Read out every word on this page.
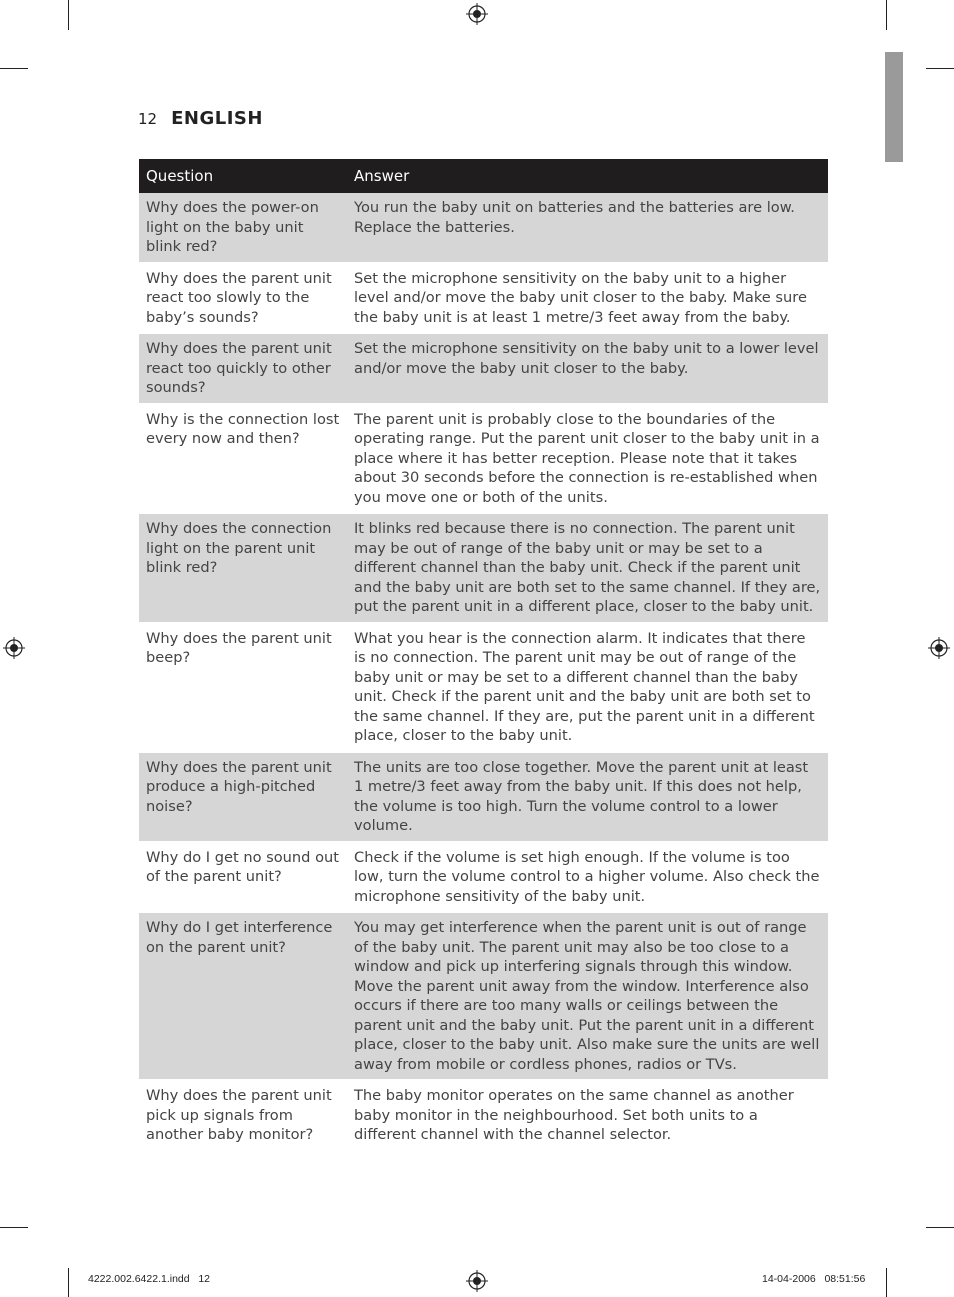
12 ENGLISH
Question	Answer
Why does the power-on light on the baby unit blink red?	You run the baby unit on batteries and the batteries are low. Replace the batteries.
Why does the parent unit react too slowly to the baby’s sounds?	Set the microphone sensitivity on the baby unit to a higher level and/or move the baby unit closer to the baby. Make sure the baby unit is at least 1 metre/3 feet away from the baby.
Why does the parent unit react too quickly to other sounds?	Set the microphone sensitivity on the baby unit to a lower level and/or move the baby unit closer to the baby.
Why is the connection lost every now and then?	The parent unit is probably close to the boundaries of the operating range. Put the parent unit closer to the baby unit in a place where it has better reception. Please note that it takes about 30 seconds before the connection is re-established when you move one or both of the units.
Why does the connection light on the parent unit blink red?	It blinks red because there is no connection. The parent unit may be out of range of the baby unit or may be set to a different channel than the baby unit. Check if the parent unit and the baby unit are both set to the same channel. If they are, put the parent unit in a different place, closer to the baby unit.
Why does the parent unit beep?	What you hear is the connection alarm. It indicates that there is no connection. The parent unit may be out of range of the baby unit or may be set to a different channel than the baby unit. Check if the parent unit and the baby unit are both set to the same channel. If they are, put the parent unit in a different place, closer to the baby unit.
Why does the parent unit produce a high-pitched noise?	The units are too close together. Move the parent unit at least 1 metre/3 feet away from the baby unit. If this does not help, the volume is too high. Turn the volume control to a lower volume.
Why do I get no sound out of the parent unit?	Check if the volume is set high enough. If the volume is too low, turn the volume control to a higher volume. Also check the microphone sensitivity of the baby unit.
Why do I get interference on the parent unit?	You may get interference when the parent unit is out of range of the baby unit. The parent unit may also be too close to a window and pick up interfering signals through this window. Move the parent unit away from the window. Interference also occurs if there are too many walls or ceilings between the parent unit and the baby unit. Put the parent unit in a different place, closer to the baby unit. Also make sure the units are well away from mobile or cordless phones, radios or TVs.
Why does the parent unit pick up signals from another baby monitor?	The baby monitor operates on the same channel as another baby monitor in the neighbourhood. Set both units to a different channel with the channel selector.
4222.002.6422.1.indd   12	14-04-2006   08:51:56
